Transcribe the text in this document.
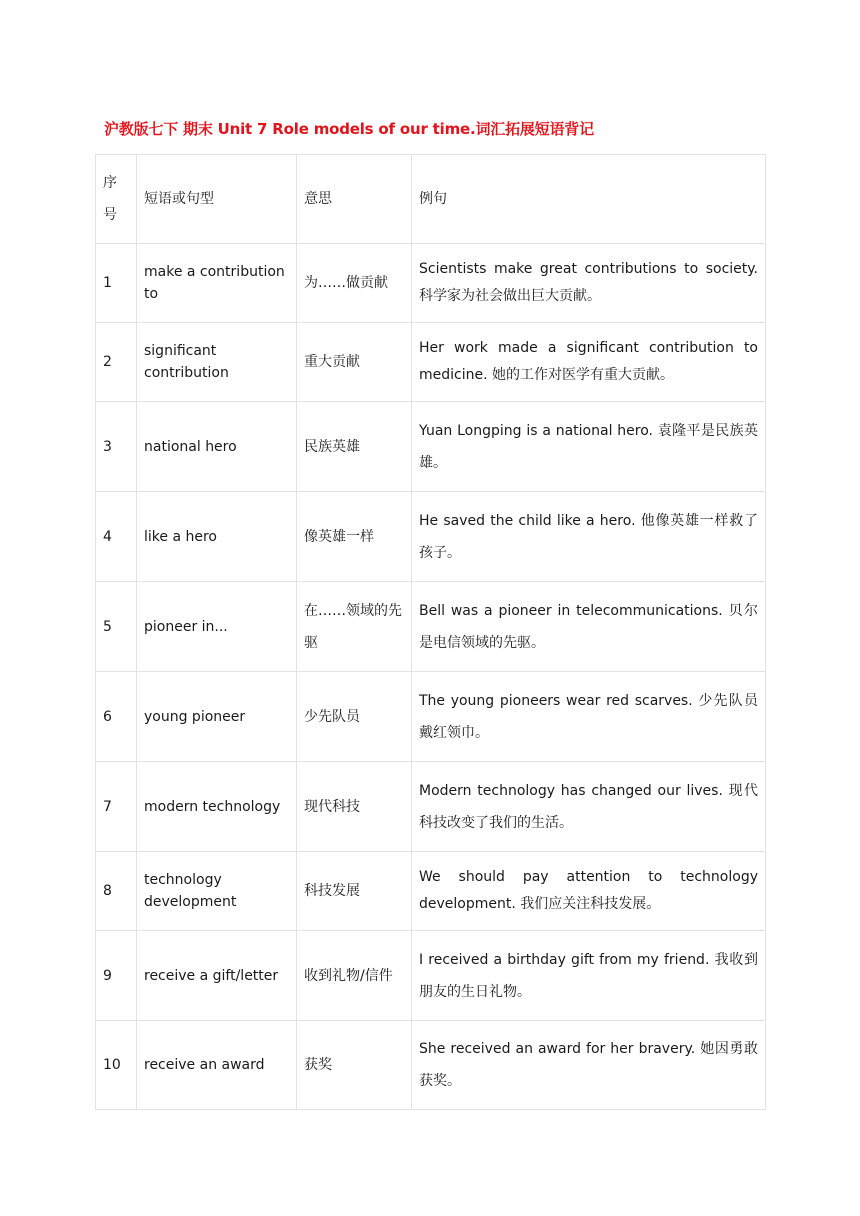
沪教版七下 期末 Unit 7 Role models of our time.词汇拓展短语背记
序号	短语或句型	意思	例句
1	make a contribution to	为……做贡献	Scientists make great contributions to society. 科学家为社会做出巨大贡献。
2	significant contribution	重大贡献	Her work made a significant contribution to medicine. 她的工作对医学有重大贡献。
3	national hero	民族英雄	Yuan Longping is a national hero. 袁隆平是民族英雄。
4	like a hero	像英雄一样	He saved the child like a hero. 他像英雄一样救了孩子。
5	pioneer in...	在……领域的先驱	Bell was a pioneer in telecommunications. 贝尔是电信领域的先驱。
6	young pioneer	少先队员	The young pioneers wear red scarves. 少先队员戴红领巾。
7	modern technology	现代科技	Modern technology has changed our lives. 现代科技改变了我们的生活。
8	technology development	科技发展	We should pay attention to technology development. 我们应关注科技发展。
9	receive a gift/letter	收到礼物/信件	I received a birthday gift from my friend. 我收到朋友的生日礼物。
10	receive an award	获奖	She received an award for her bravery. 她因勇敢获奖。
